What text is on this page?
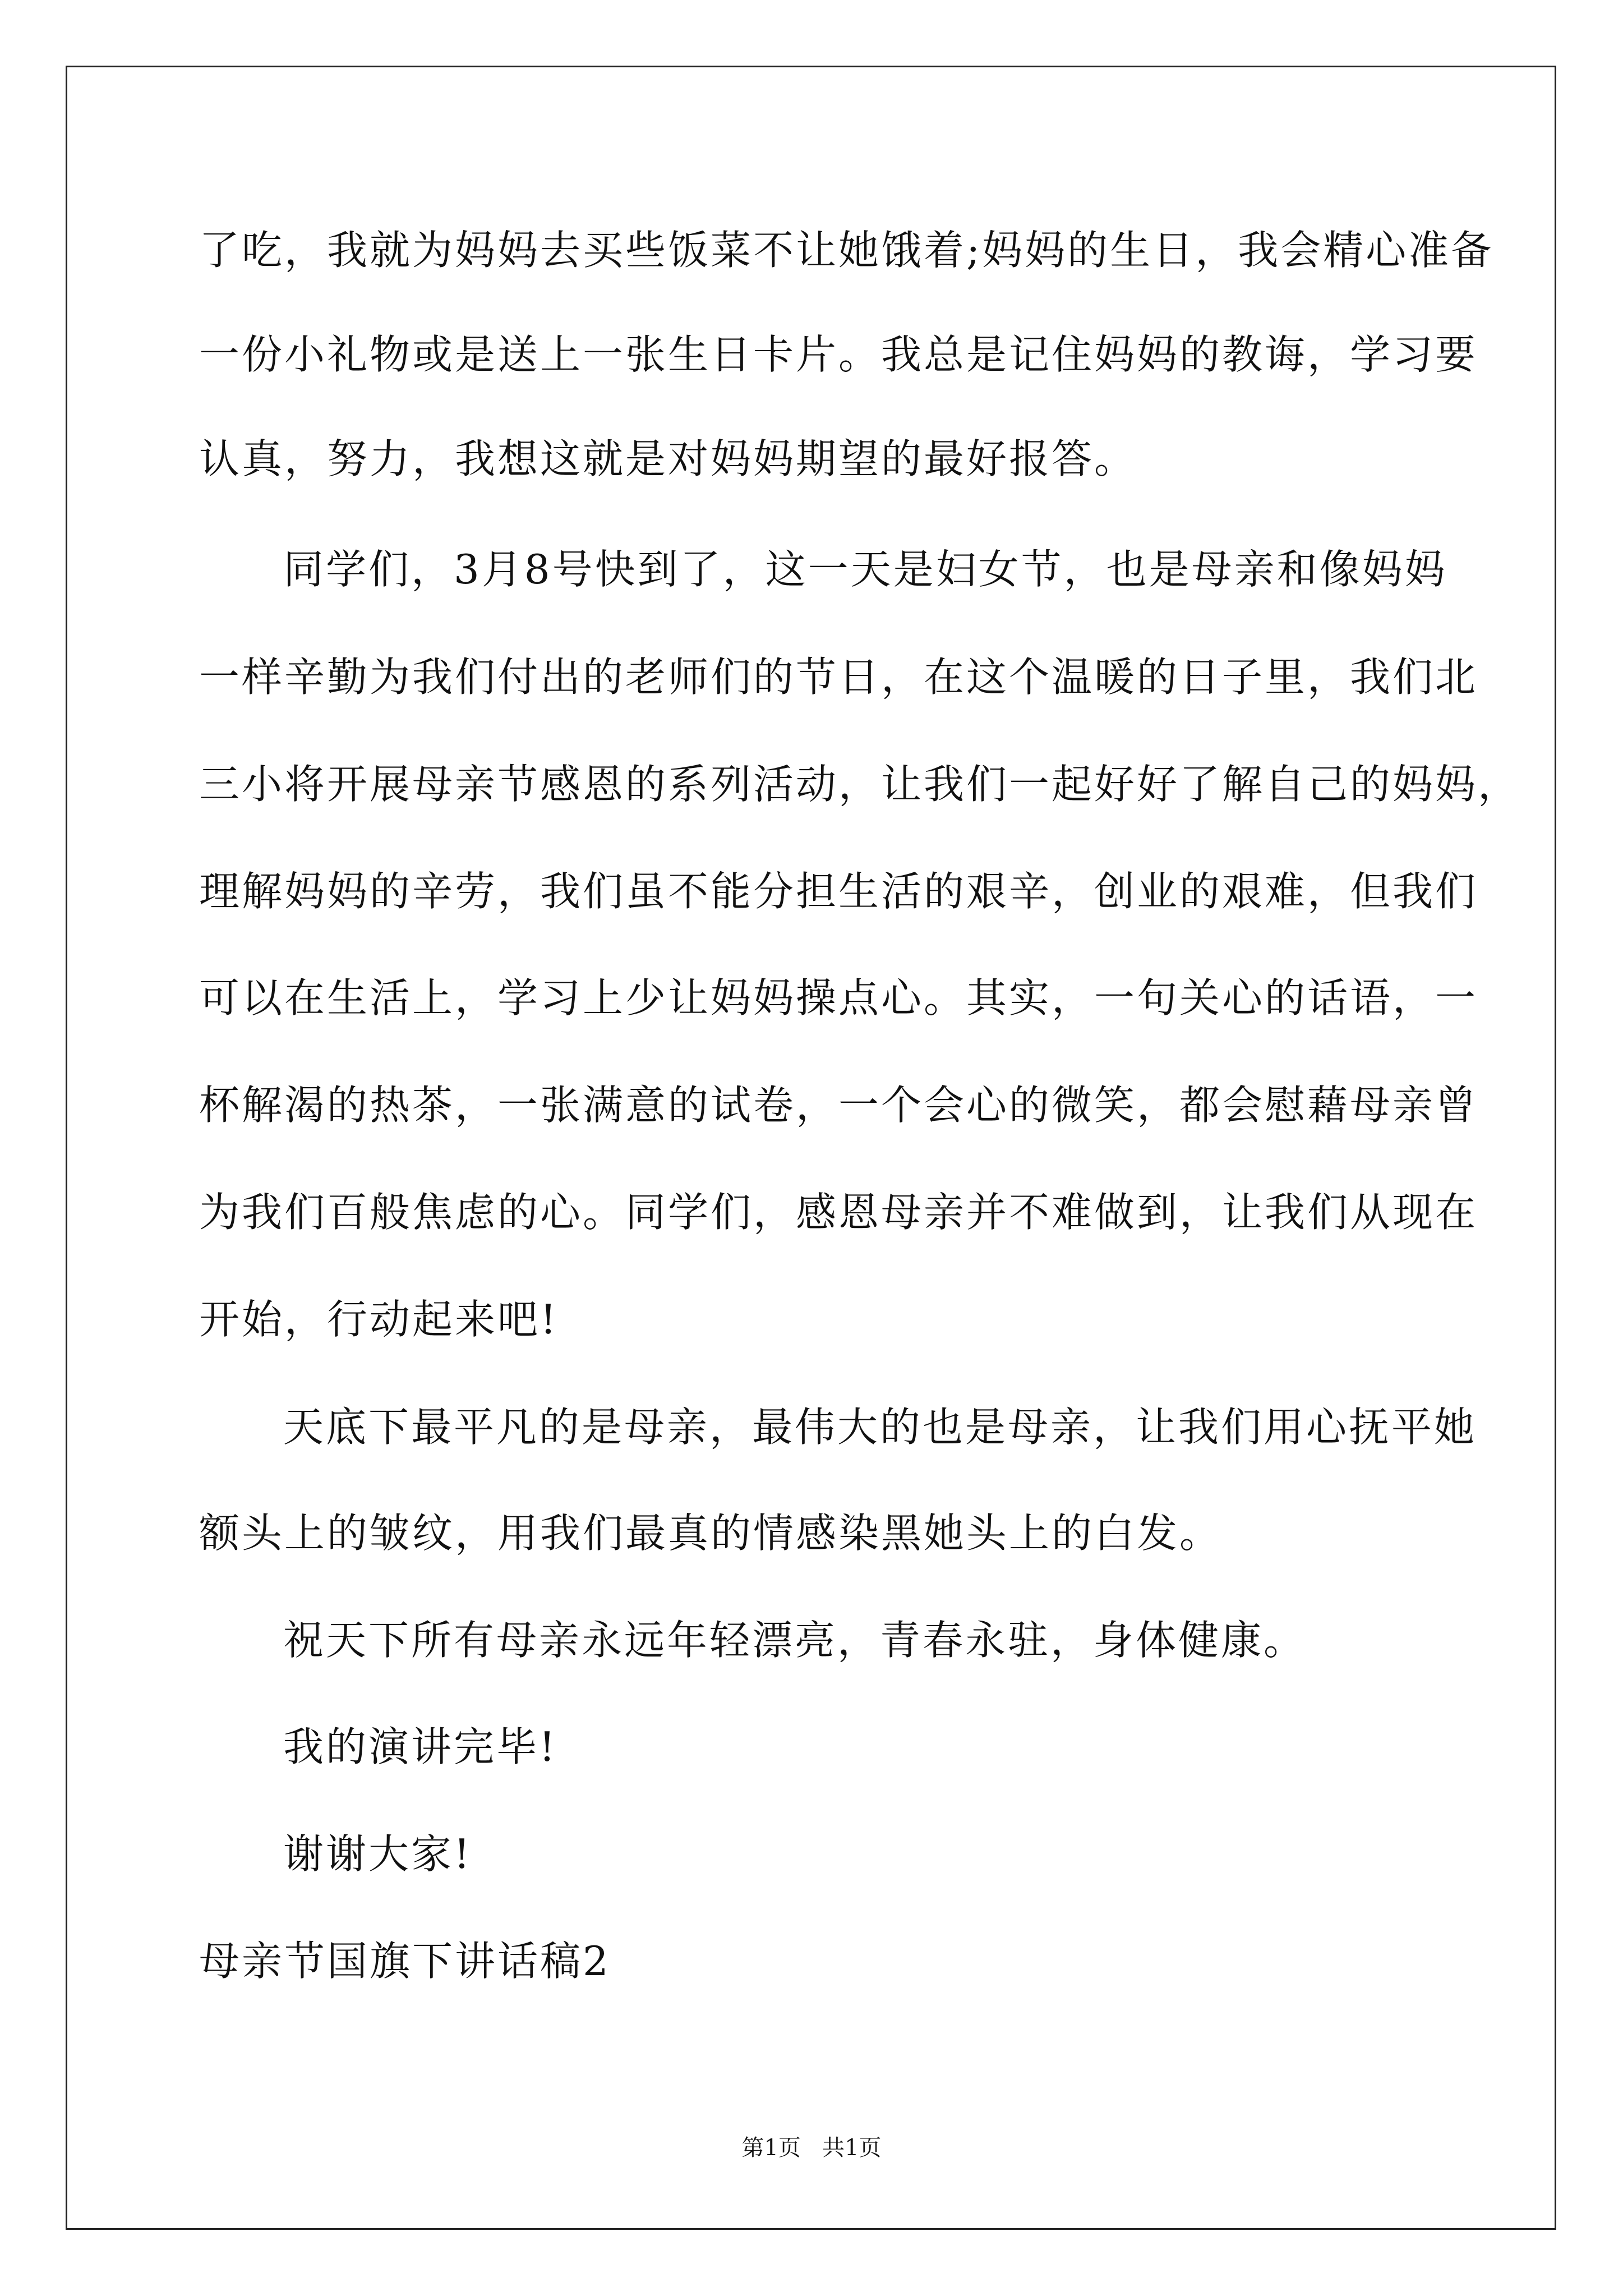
了吃，我就为妈妈去买些饭菜不让她饿着;妈妈的生日，我会精心准备

一份小礼物或是送上一张生日卡片。我总是记住妈妈的教诲，学习要

认真，努力，我想这就是对妈妈期望的最好报答。

同学们，3月8号快到了，这一天是妇女节，也是母亲和像妈妈

一样辛勤为我们付出的老师们的节日，在这个温暖的日子里，我们北

三小将开展母亲节感恩的系列活动，让我们一起好好了解自己的妈妈，

理解妈妈的辛劳，我们虽不能分担生活的艰辛，创业的艰难，但我们

可以在生活上，学习上少让妈妈操点心。其实，一句关心的话语，一

杯解渴的热茶，一张满意的试卷，一个会心的微笑，都会慰藉母亲曾

为我们百般焦虑的心。同学们，感恩母亲并不难做到，让我们从现在

开始，行动起来吧!

天底下最平凡的是母亲，最伟大的也是母亲，让我们用心抚平她

额头上的皱纹，用我们最真的情感染黑她头上的白发。

祝天下所有母亲永远年轻漂亮，青春永驻，身体健康。

我的演讲完毕!

谢谢大家!

母亲节国旗下讲话稿2

第1页   共1页
